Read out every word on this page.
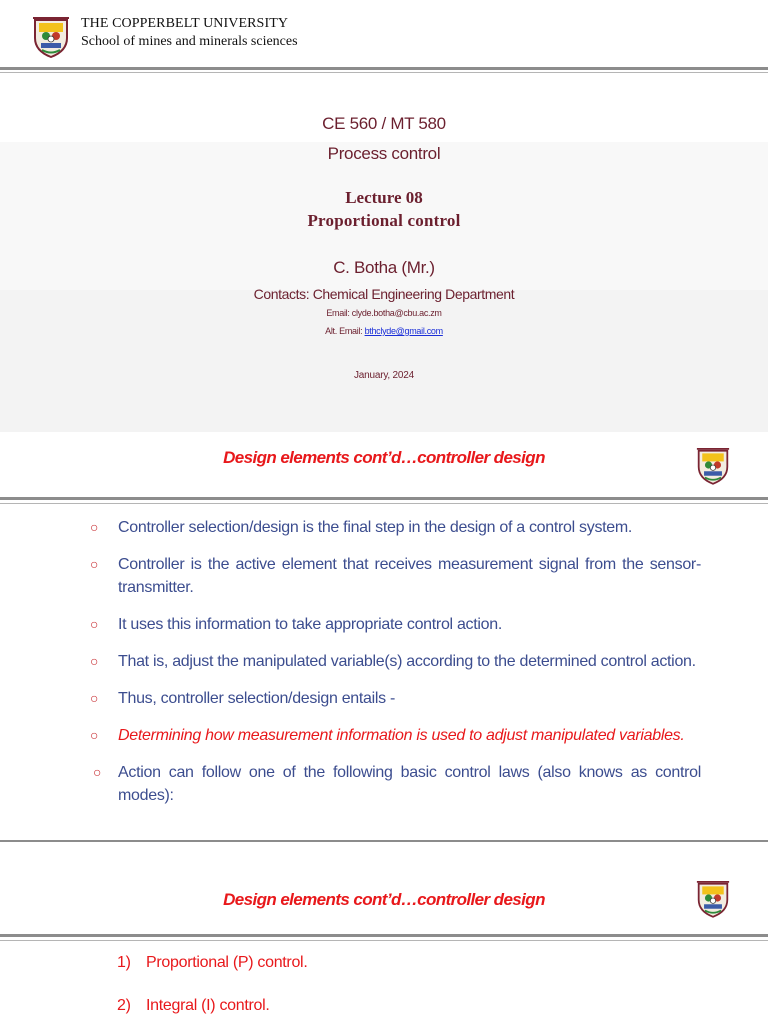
THE COPPERBELT UNIVERSITY
School of mines and minerals sciences
CE 560 / MT 580
Process control
Lecture 08
Proportional control
C. Botha (Mr.)
Contacts: Chemical Engineering Department
Email: clyde.botha@cbu.ac.zm
Alt. Email: bthclyde@gmail.com
January, 2024
Design elements cont’d…controller design
○ Controller selection/design is the final step in the design of a control system.
○ Controller is the active element that receives measurement signal from the sensor-transmitter.
○ It uses this information to take appropriate control action.
○ That is, adjust the manipulated variable(s) according to the determined control action.
○ Thus, controller selection/design entails -
○ Determining how measurement information is used to adjust manipulated variables.
○ Action can follow one of the following basic control laws (also knows as control modes):
Design elements cont’d…controller design
1) Proportional (P) control.
2) Integral (I) control.
